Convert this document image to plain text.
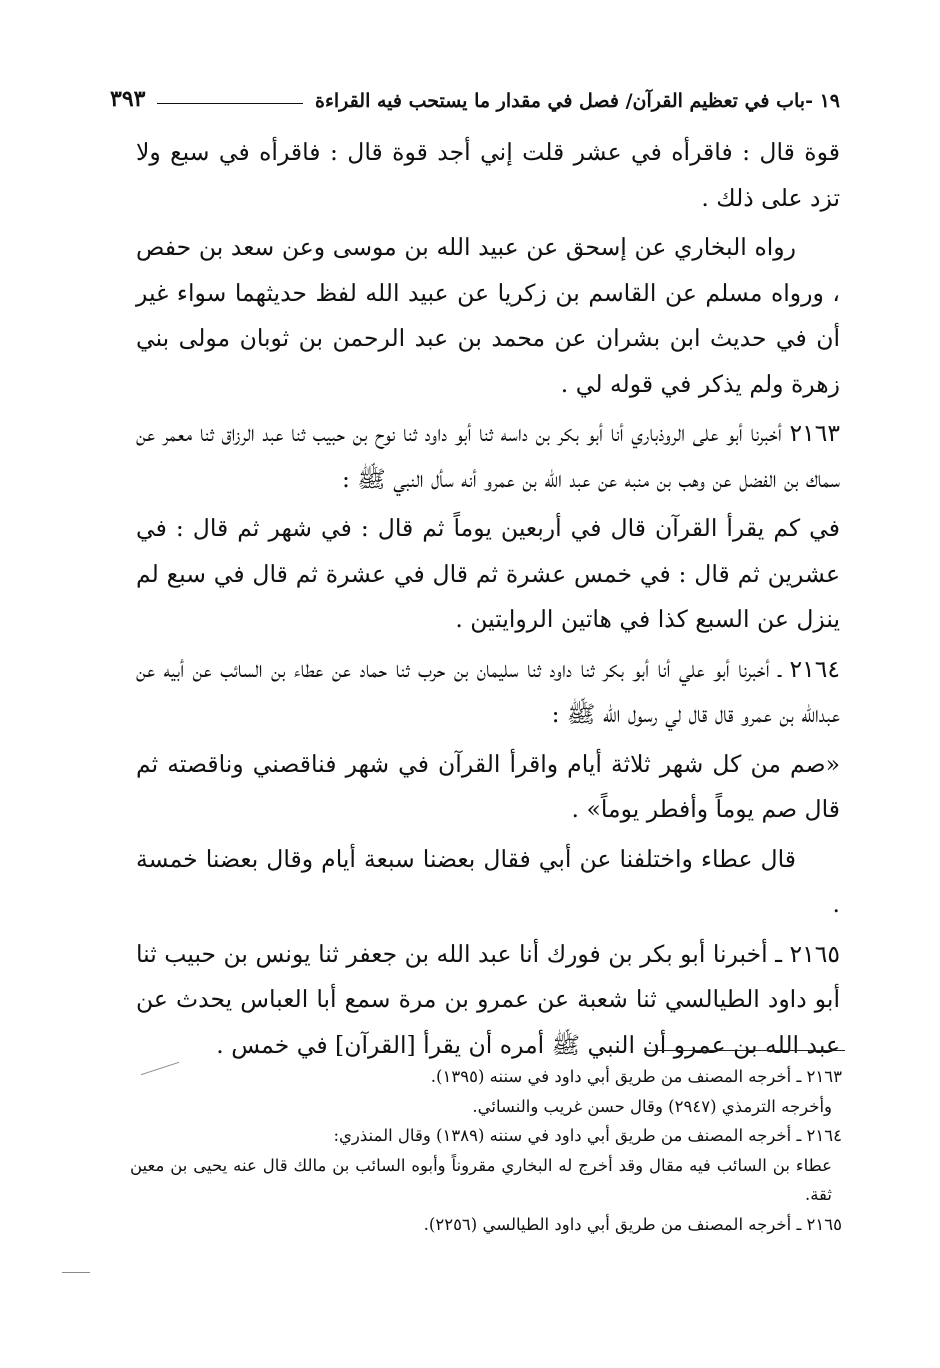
١٩ -باب في تعظيم القرآن/ فصل في مقدار ما يستحب فيه القراءة
٣٩٣

قوة قال : فاقرأه في عشر قلت إني أجد قوة قال : فاقرأه في سبع ولا تزد على ذلك .

رواه البخاري عن إسحق عن عبيد الله بن موسى وعن سعد بن حفص ، ورواه مسلم عن القاسم بن زكريا عن عبيد الله لفظ حديثهما سواء غير أن في حديث ابن بشران عن محمد بن عبد الرحمن بن ثوبان مولى بني زهرة ولم يذكر في قوله لي .

٢١٦٣ أخبرنا أبو على الروذباري أنا أبو بكر بن داسه ثنا أبو داود ثنا نوح بن حبيب ثنا عبد الرزاق ثنا معمر عن سماك بن الفضل عن وهب بن منبه عن عبد الله بن عمرو أنه سأل النبي ﷺ :

في كم يقرأ القرآن قال في أربعين يوماً ثم قال : في شهر ثم قال : في عشرين ثم قال : في خمس عشرة ثم قال في عشرة ثم قال في سبع لم ينزل عن السبع كذا في هاتين الروايتين .

٢١٦٤ ـ أخبرنا أبو علي أنا أبو بكر ثنا داود ثنا سليمان بن حرب ثنا حماد عن عطاء بن السائب عن أبيه عن عبدالله بن عمرو قال قال لي رسول الله ﷺ :

«صم من كل شهر ثلاثة أيام واقرأ القرآن في شهر فناقصني وناقصته ثم قال صم يوماً وأفطر يوماً» .

قال عطاء واختلفنا عن أبي فقال بعضنا سبعة أيام وقال بعضنا خمسة .

٢١٦٥ ـ أخبرنا أبو بكر بن فورك أنا عبد الله بن جعفر ثنا يونس بن حبيب ثنا أبو داود الطيالسي ثنا شعبة عن عمرو بن مرة سمع أبا العباس يحدث عن عبد الله بن عمرو أن النبي ﷺ أمره أن يقرأ [القرآن] في خمس .

٢١٦٣ ـ أخرجه المصنف من طريق أبي داود في سننه (١٣٩٥).

وأخرجه الترمذي (٢٩٤٧) وقال حسن غريب والنسائي.

٢١٦٤ ـ أخرجه المصنف من طريق أبي داود في سننه (١٣٨٩) وقال المنذري:

عطاء بن السائب فيه مقال وقد أخرج له البخاري مقروناً وأبوه السائب بن مالك قال عنه يحيى بن معين ثقة.

٢١٦٥ ـ أخرجه المصنف من طريق أبي داود الطيالسي (٢٢٥٦).
